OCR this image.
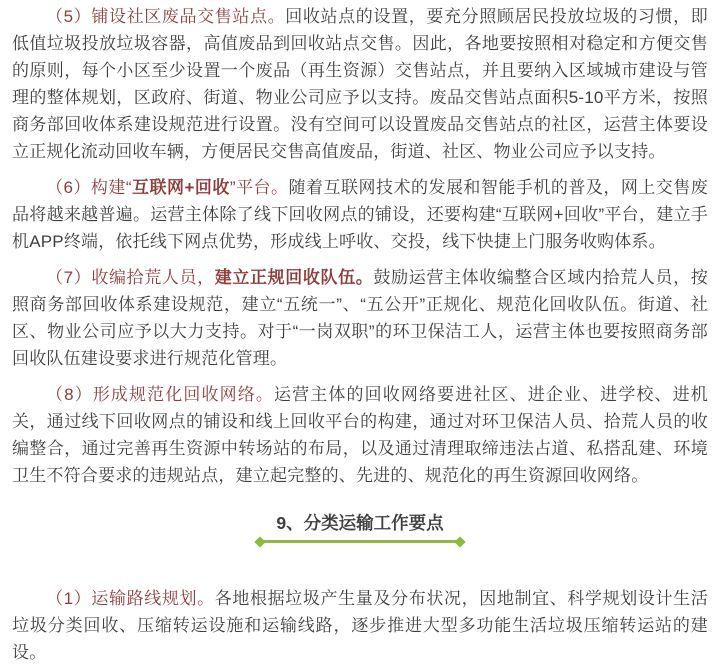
（5）铺设社区废品交售站点。回收站点的设置，要充分照顾居民投放垃圾的习惯，即低值垃圾投放垃圾容器，高值废品到回收站点交售。因此，各地要按照相对稳定和方便交售的原则，每个小区至少设置一个废品（再生资源）交售站点，并且要纳入区域城市建设与管理的整体规划，区政府、街道、物业公司应予以支持。废品交售站点面积5-10平方米，按照商务部回收体系建设规范进行设置。没有空间可以设置废品交售站点的社区，运营主体要设立正规化流动回收车辆，方便居民交售高值废品，街道、社区、物业公司应予以支持。

（6）构建“互联网+回收”平台。随着互联网技术的发展和智能手机的普及，网上交售废品将越来越普遍。运营主体除了线下回收网点的铺设，还要构建“互联网+回收”平台，建立手机APP终端，依托线下网点优势，形成线上呼收、交投，线下快捷上门服务收购体系。

（7）收编拾荒人员，建立正规回收队伍。鼓励运营主体收编整合区域内拾荒人员，按照商务部回收体系建设规范，建立“五统一”、“五公开”正规化、规范化回收队伍。街道、社区、物业公司应予以大力支持。对于“一岗双职”的环卫保洁工人，运营主体也要按照商务部回收队伍建设要求进行规范化管理。

（8）形成规范化回收网络。运营主体的回收网络要进社区、进企业、进学校、进机关，通过线下回收网点的铺设和线上回收平台的构建，通过对环卫保洁人员、拾荒人员的收编整合，通过完善再生资源中转场站的布局，以及通过清理取缔违法占道、私搭乱建、环境卫生不符合要求的违规站点，建立起完整的、先进的、规范化的再生资源回收网络。

9、分类运输工作要点

（1）运输路线规划。各地根据垃圾产生量及分布状况，因地制宜、科学规划设计生活垃圾分类回收、压缩转运设施和运输线路，逐步推进大型多功能生活垃圾压缩转运站的建设。
